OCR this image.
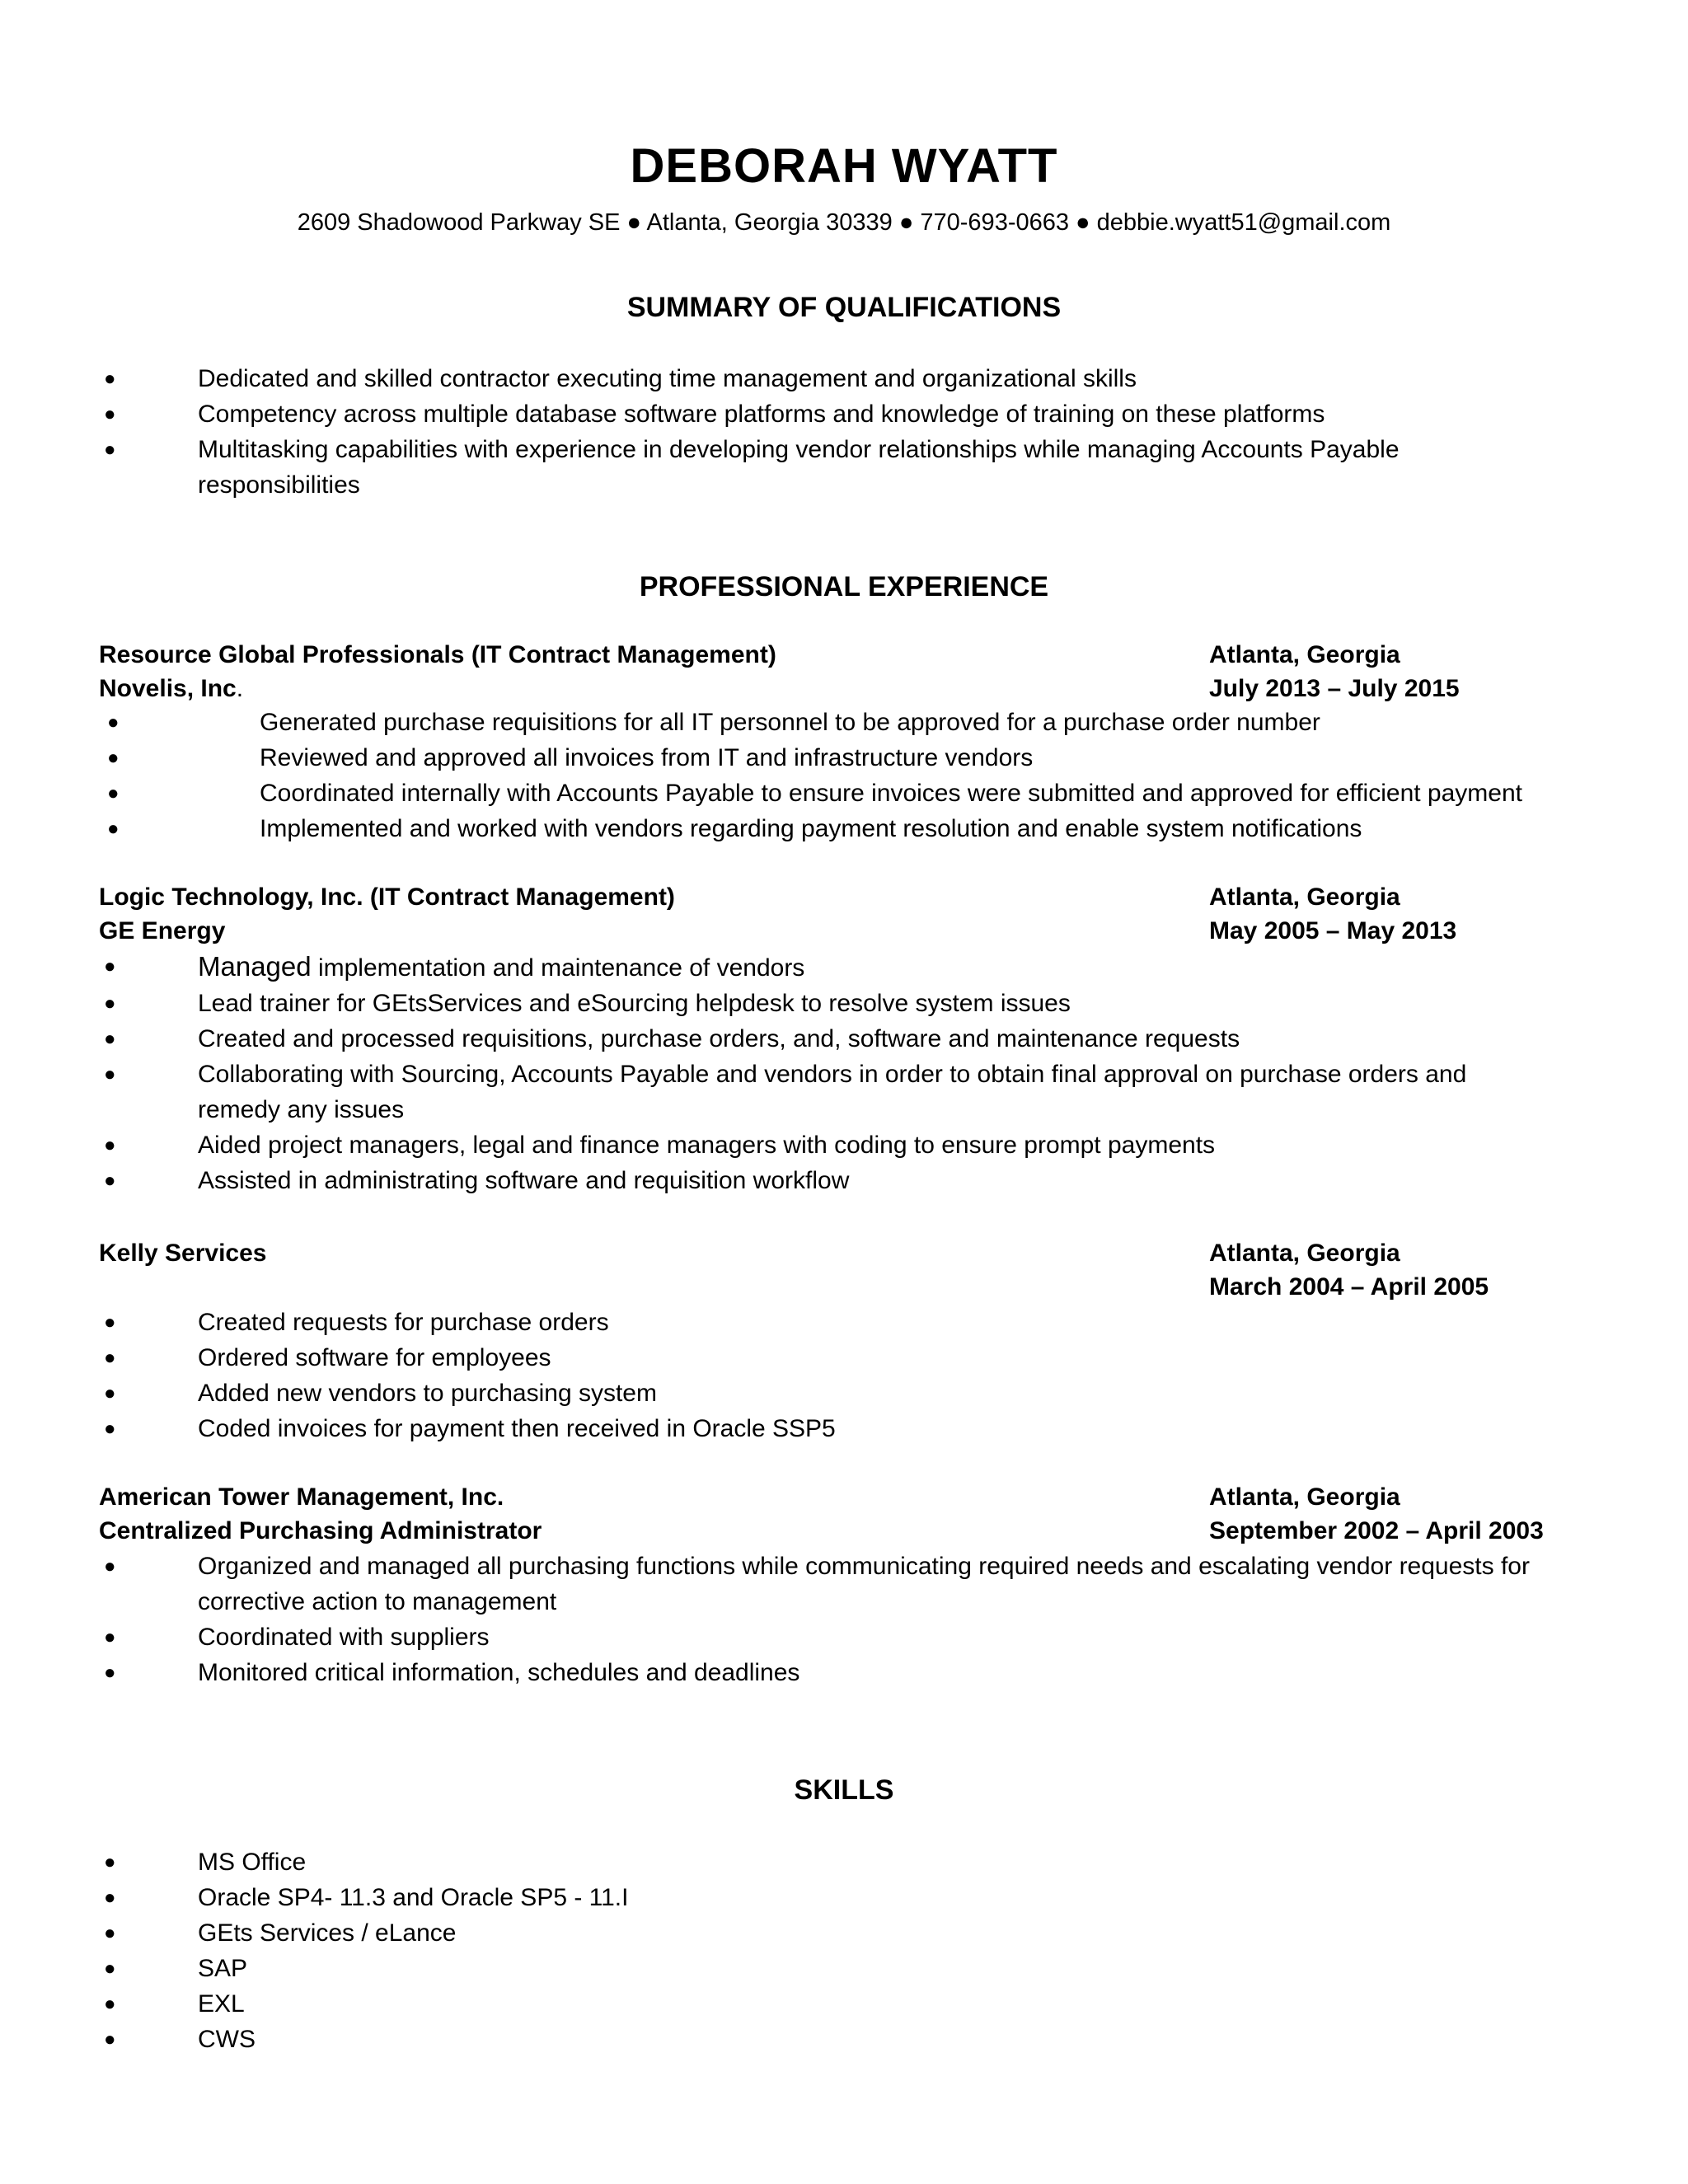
DEBORAH WYATT
2609 Shadowood Parkway SE ● Atlanta, Georgia 30339 ● 770-693-0663 ● debbie.wyatt51@gmail.com
SUMMARY OF QUALIFICATIONS
●	Dedicated and skilled contractor executing time management and organizational skills
●	Competency across multiple database software platforms and knowledge of training on these platforms
●	Multitasking capabilities with experience in developing vendor relationships while managing Accounts Payable responsibilities
PROFESSIONAL EXPERIENCE
Resource Global Professionals (IT Contract Management)	Atlanta, Georgia
Novelis, Inc.	July 2013 – July 2015
●	Generated purchase requisitions for all IT personnel to be approved for a purchase order number
●	Reviewed and approved all invoices from IT and infrastructure vendors
●	Coordinated internally with Accounts Payable to ensure invoices were submitted and approved for efficient payment
●	Implemented and worked with vendors regarding payment resolution and enable system notifications
Logic Technology, Inc. (IT Contract Management)	Atlanta, Georgia
GE Energy	May 2005 – May 2013
●	Managed implementation and maintenance of vendors
●	Lead trainer for GEtsServices and eSourcing helpdesk to resolve system issues
●	Created and processed requisitions, purchase orders, and, software and maintenance requests
●	Collaborating with Sourcing, Accounts Payable and vendors in order to obtain final approval on purchase orders and remedy any issues
●	Aided project managers, legal and finance managers with coding to ensure prompt payments
●	Assisted in administrating software and requisition workflow
Kelly Services	Atlanta, Georgia
March 2004 – April 2005
●	Created requests for purchase orders
●	Ordered software for employees
●	Added new vendors to purchasing system
●	Coded invoices for payment then received in Oracle SSP5
American Tower Management, Inc.	Atlanta, Georgia
Centralized Purchasing Administrator	September 2002 – April 2003
●	Organized and managed all purchasing functions while communicating required needs and escalating vendor requests for corrective action to management
●	Coordinated with suppliers
●	Monitored critical information, schedules and deadlines
SKILLS
●	MS Office
●	Oracle SP4- 11.3 and Oracle SP5 - 11.I
●	GEts Services / eLance
●	SAP
●	EXL
●	CWS
